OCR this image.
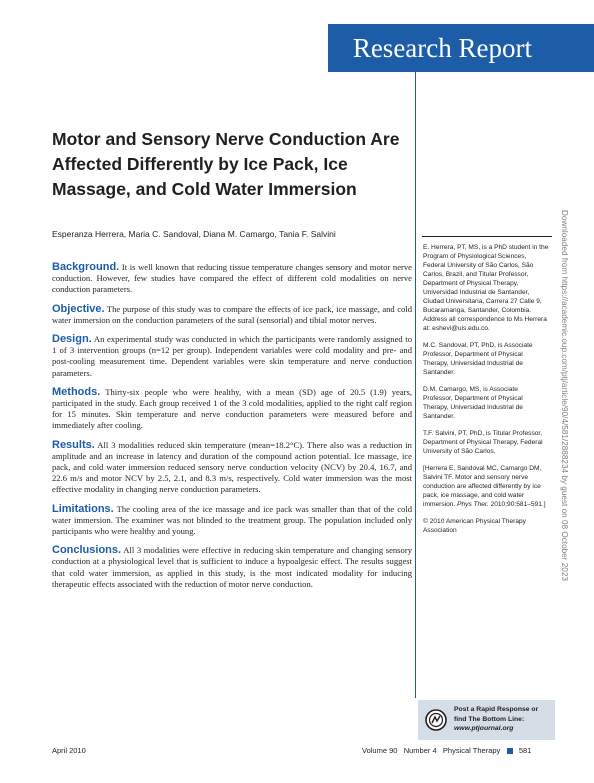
Research Report
Motor and Sensory Nerve Conduction Are Affected Differently by Ice Pack, Ice Massage, and Cold Water Immersion
Esperanza Herrera, Maria C. Sandoval, Diana M. Camargo, Tania F. Salvini

Background. It is well known that reducing tissue temperature changes sensory and motor nerve conduction. However, few studies have compared the effect of different cold modalities on nerve conduction parameters.

Objective. The purpose of this study was to compare the effects of ice pack, ice massage, and cold water immersion on the conduction parameters of the sural (sensorial) and tibial motor nerves.

Design. An experimental study was conducted in which the participants were randomly assigned to 1 of 3 intervention groups (n=12 per group). Independent variables were cold modality and pre- and post-cooling measurement time. Dependent variables were skin temperature and nerve conduction parameters.

Methods. Thirty-six people who were healthy, with a mean (SD) age of 20.5 (1.9) years, participated in the study. Each group received 1 of the 3 cold modalities, applied to the right calf region for 15 minutes. Skin temperature and nerve conduction parameters were measured before and immediately after cooling.

Results. All 3 modalities reduced skin temperature (mean=18.2°C). There also was a reduction in amplitude and an increase in latency and duration of the compound action potential. Ice massage, ice pack, and cold water immersion reduced sensory nerve conduction velocity (NCV) by 20.4, 16.7, and 22.6 m/s and motor NCV by 2.5, 2.1, and 8.3 m/s, respectively. Cold water immersion was the most effective modality in changing nerve conduction parameters.

Limitations. The cooling area of the ice massage and ice pack was smaller than that of the cold water immersion. The examiner was not blinded to the treatment group. The population included only participants who were healthy and young.

Conclusions. All 3 modalities were effective in reducing skin temperature and changing sensory conduction at a physiological level that is sufficient to induce a hypoalgesic effect. The results suggest that cold water immersion, as applied in this study, is the most indicated modality for inducing therapeutic effects associated with the reduction of motor nerve conduction.

E. Herrera, PT, MS, is a PhD student in the Program of Physiological Sciences, Federal University of São Carlos, São Carlos, Brazil, and Titular Professor, Department of Physical Therapy, Universidad Industrial de Santander, Ciudad Universitaria, Carrera 27 Calle 9, Bucaramanga, Santander, Colombia. Address all correspondence to Ms Herrera at: eshevi@uis.edu.co.

M.C. Sandoval, PT, PhD, is Associate Professor, Department of Physical Therapy, Universidad Industrial de Santander.

D.M. Camargo, MS, is Associate Professor, Department of Physical Therapy, Universidad Industrial de Santander.

T.F. Salvini, PT, PhD, is Titular Professor, Department of Physical Therapy, Federal University of São Carlos.

[Herrera E, Sandoval MC, Camargo DM, Salvini TF. Motor and sensory nerve conduction are affected differently by ice pack, ice massage, and cold water immersion. Phys Ther. 2010;90:581–591.]

© 2010 American Physical Therapy Association	Downloaded from https://academic.oup.com/ptj/article/90/4/581/2888234 by guest on 08 October 2023
Post a Rapid Response or
find The Bottom Line:
www.ptjournal.org
April 2010	Volume 90 Number 4 Physical Therapy 581
